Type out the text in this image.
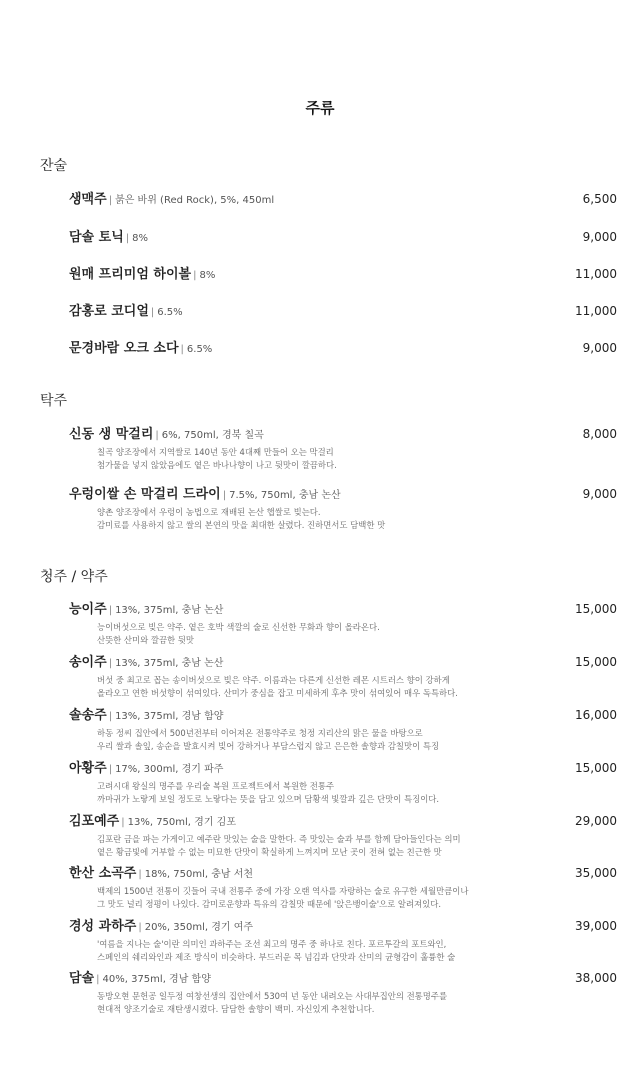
주류
잔술
생맥주 | 붉은 바위 (Red Rock), 5%, 450ml	6,500
담솔 토닉 | 8%	9,000
원매 프리미엄 하이볼 | 8%	11,000
감홍로 코디얼 | 6.5%	11,000
문경바람 오크 소다 | 6.5%	9,000
탁주
신동 생 막걸리 | 6%, 750ml, 경북 칠곡	8,000
칠곡 양조장에서 지역쌀로 140년 동안 4대째 만들어 오는 막걸리
첨가물을 넣지 않았음에도 옅은 바나나향이 나고 뒷맛이 깔끔하다.
우렁이쌀 손 막걸리 드라이 | 7.5%, 750ml, 충남 논산	9,000
양촌 양조장에서 우렁이 농법으로 재배된 논산 햅쌀로 빚는다.
감미료를 사용하지 않고 쌀의 본연의 맛을 최대한 살렸다. 진하면서도 담백한 맛
청주 / 약주
능이주 | 13%, 375ml, 충남 논산	15,000
능이버섯으로 빚은 약주. 옅은 호박 색깔의 술로 신선한 무화과 향이 올라온다.
산뜻한 산미와 깔끔한 뒷맛
송이주 | 13%, 375ml, 충남 논산	15,000
버섯 중 최고로 꼽는 송이버섯으로 빚은 약주. 이름과는 다른게 신선한 레몬 시트러스 향이 강하게
올라오고 연한 버섯향이 섞여있다. 산미가 중심을 잡고 미세하게 후추 맛이 섞여있어 매우 독특하다.
솔송주 | 13%, 375ml, 경남 함양	16,000
하동 정씨 집안에서 500년전부터 이어져온 전통약주로 청정 지리산의 맑은 물을 바탕으로
우리 쌀과 솔잎, 송순을 발효시켜 빚어 강하거나 부담스럽지 않고 은은한 솔향과 감칠맛이 특징
아황주 | 17%, 300ml, 경기 파주	15,000
고려시대 왕실의 명주를 우리술 복원 프로젝트에서 복원한 전통주
까마귀가 노랗게 보일 정도로 노랗다는 뜻을 담고 있으며 담황색 빛깔과 깊은 단맛이 특징이다.
김포예주 | 13%, 750ml, 경기 김포	29,000
김포란 금을 파는 가게이고 예주란 맛있는 술을 말한다. 즉 맛있는 술과 부를 함께 담아들인다는 의미
옅은 황금빛에 거부할 수 없는 미묘한 단맛이 확실하게 느껴지며 모난 곳이 전혀 없는 친근한 맛
한산 소곡주 | 18%, 750ml, 충남 서천	35,000
백제의 1500년 전통이 깃들어 국내 전통주 중에 가장 오랜 역사를 자랑하는 술로 유구한 세월만큼이나
그 맛도 널리 정평이 나있다. 감미로운향과 특유의 감칠맛 때문에 '앉은뱅이술'으로 알려져있다.
경성 과하주 | 20%, 350ml, 경기 여주	39,000
'여름을 지나는 술'이란 의미인 과하주는 조선 최고의 명주 중 하나로 친다. 포르투갈의 포트와인,
스페인의 쉐리와인과 제조 방식이 비슷하다. 부드러운 목 넘김과 단맛과 산미의 균형감이 훌륭한 술
담솔 | 40%, 375ml, 경남 함양	38,000
동방오현 문헌공 일두정 여창선생의 집안에서 530여 년 동안 내려오는 사대부집안의 전통명주를
현대적 양조기술로 재탄생시켰다. 담담한 솔향이 백미. 자신있게 추천합니다.
